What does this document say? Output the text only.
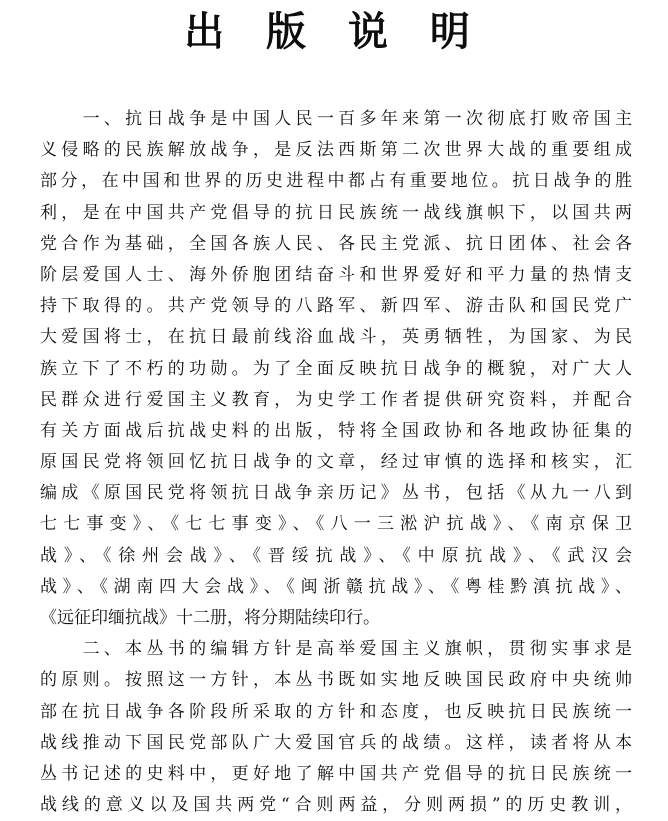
出 版 说 明
　　一、抗日战争是中国人民一百多年来第一次彻底打败帝国主
义侵略的民族解放战争，是反法西斯第二次世界大战的重要组成
部分，在中国和世界的历史进程中都占有重要地位。抗日战争的胜
利，是在中国共产党倡导的抗日民族统一战线旗帜下，以国共两
党合作为基础，全国各族人民、各民主党派、抗日团体、社会各
阶层爱国人士、海外侨胞团结奋斗和世界爱好和平力量的热情支
持下取得的。共产党领导的八路军、新四军、游击队和国民党广
大爱国将士，在抗日最前线浴血战斗，英勇牺牲，为国家、为民
族立下了不朽的功勋。为了全面反映抗日战争的概貌，对广大人
民群众进行爱国主义教育，为史学工作者提供研究资料，并配合
有关方面战后抗战史料的出版，特将全国政协和各地政协征集的
原国民党将领回忆抗日战争的文章，经过审慎的选择和核实，汇
编成《原国民党将领抗日战争亲历记》丛书，包括《从九一八到
七七事变》、《七七事变》、《八一三淞沪抗战》、《南京保卫
战》、《徐州会战》、《晋绥抗战》、《中原抗战》、《武汉会
战》、《湖南四大会战》、《闽浙赣抗战》、《粤桂黔滇抗战》、
《远征印缅抗战》十二册，将分期陆续印行。
　　二、本丛书的编辑方针是高举爱国主义旗帜，贯彻实事求是
的原则。按照这一方针，本丛书既如实地反映国民政府中央统帅
部在抗日战争各阶段所采取的方针和态度，也反映抗日民族统一
战线推动下国民党部队广大爱国官兵的战绩。这样，读者将从本
丛书记述的史料中，更好地了解中国共产党倡导的抗日民族统一
战线的意义以及国共两党“合则两益，分则两损”的历史教训，
